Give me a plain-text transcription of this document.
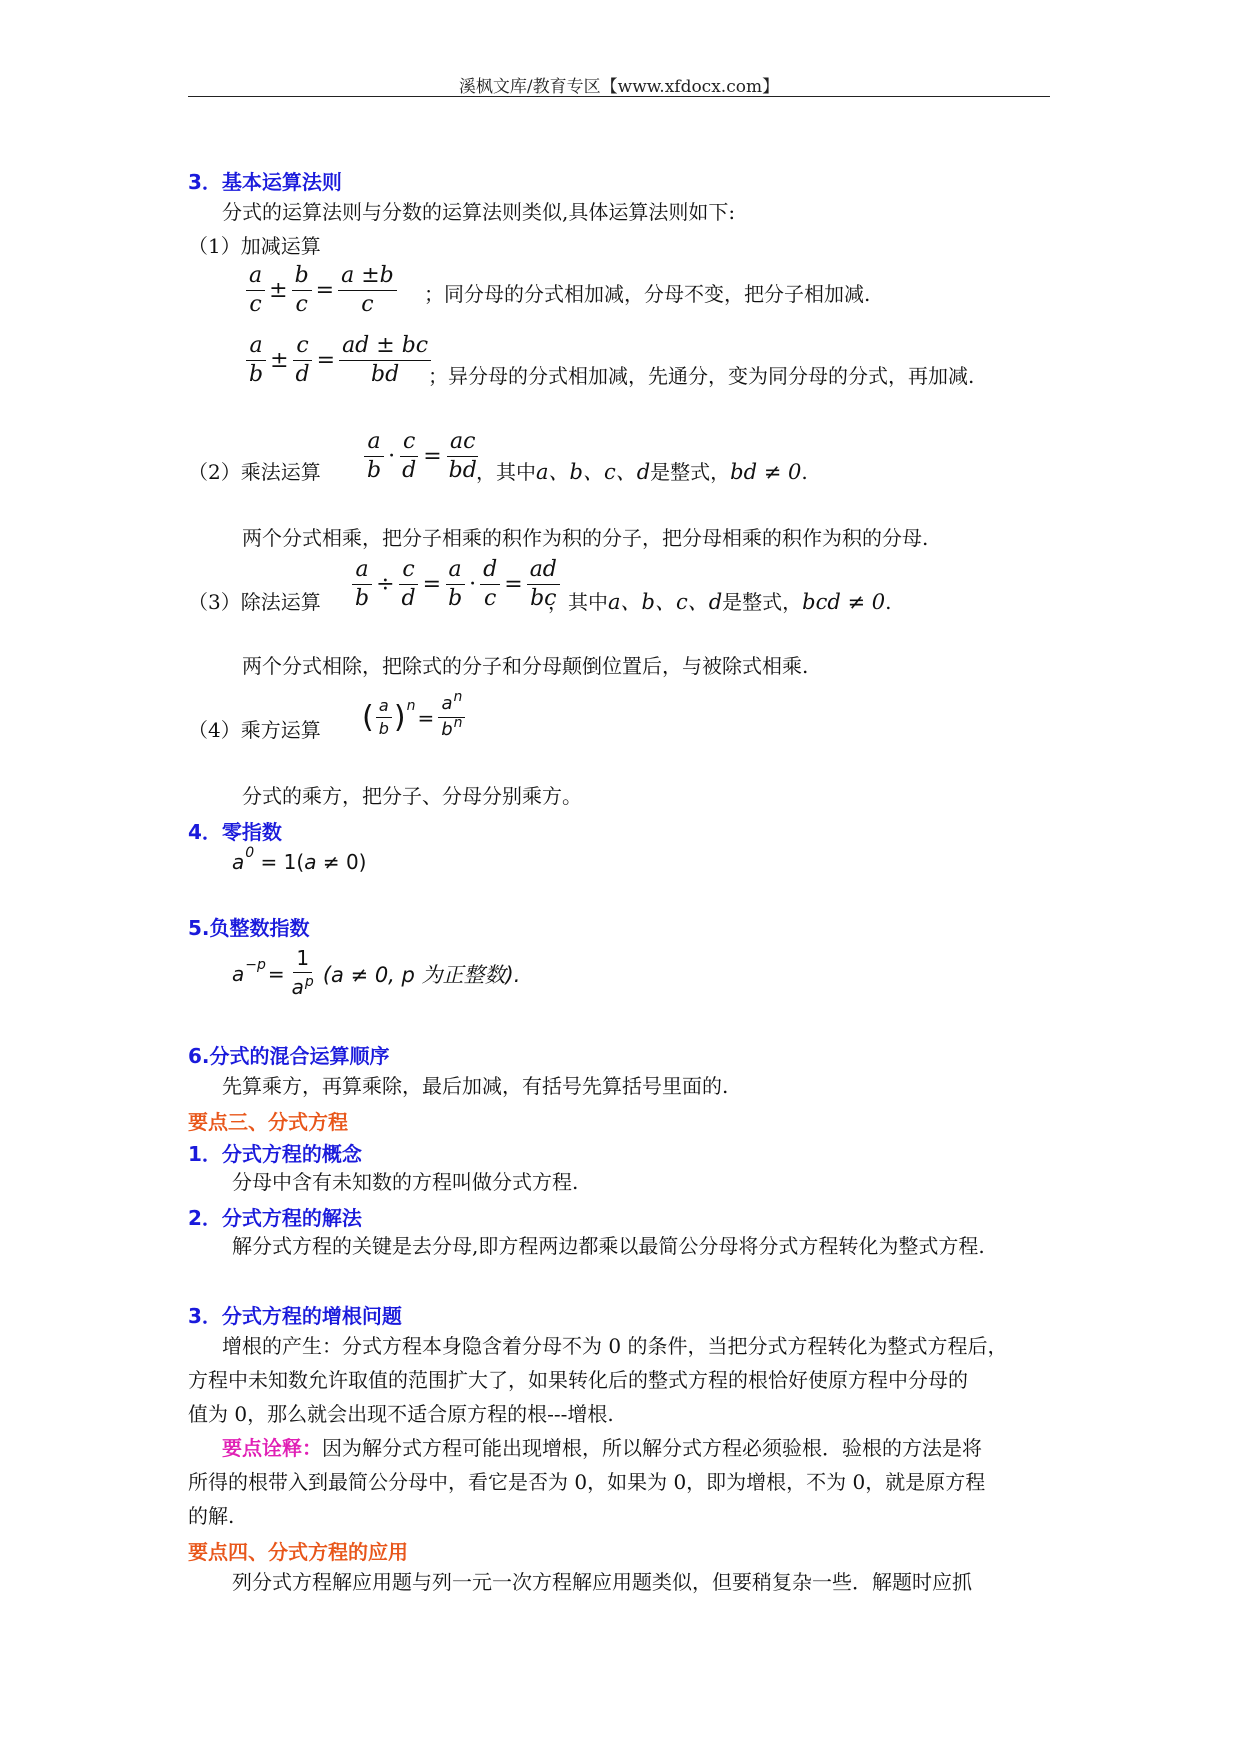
溪枫文库/教育专区【www.xfdocx.com】
3．基本运算法则
分式的运算法则与分数的运算法则类似,具体运算法则如下:
（1）加减运算
$\frac{a}{c} \pm \frac{b}{c} = \frac{a \pm b}{c}$ ；同分母的分式相加减，分母不变，把分子相加减.
$\frac{a}{b} \pm \frac{c}{d} = \frac{ad \pm bc}{bd}$
；异分母的分式相加减，先通分，变为同分母的分式，再加减.
（2）乘法运算 $\frac{a}{b} \cdot \frac{c}{d} = \frac{ac}{bd}$
，其中a、b、c、d是整式，bd ≠ 0.
两个分式相乘，把分子相乘的积作为积的分子，把分母相乘的积作为积的分母.
（3）除法运算 $\frac{a}{b} \div \frac{c}{d} = \frac{a}{b} \cdot \frac{d}{c} = \frac{ad}{bc}$
，其中a、b、c、d是整式，bcd ≠ 0.
两个分式相除，把除式的分子和分母颠倒位置后，与被除式相乘.
（4）乘方运算 ( $\frac{a}{b}$ ) $n = \frac{a^n}{b^n}$
分式的乘方，把分子、分母分别乘方。
4．零指数
$a^0 = 1(a \ne 0)$
5.负整数指数
$a^{-p} = \frac{1}{a^p} (a \ne 0$, p 为正整数).
6.分式的混合运算顺序
先算乘方，再算乘除，最后加减，有括号先算括号里面的.
要点三、分式方程
1．分式方程的概念
分母中含有未知数的方程叫做分式方程.
2．分式方程的解法
解分式方程的关键是去分母,即方程两边都乘以最简公分母将分式方程转化为整式方程.
3．分式方程的增根问题
增根的产生：分式方程本身隐含着分母不为 0 的条件，当把分式方程转化为整式方程后，
方程中未知数允许取值的范围扩大了，如果转化后的整式方程的根恰好使原方程中分母的
值为 0，那么就会出现不适合原方程的根---增根.
要点诠释：因为解分式方程可能出现增根，所以解分式方程必须验根．验根的方法是将
所得的根带入到最简公分母中，看它是否为 0，如果为 0，即为增根，不为 0，就是原方程
的解.
要点四、分式方程的应用
列分式方程解应用题与列一元一次方程解应用题类似，但要稍复杂一些．解题时应抓
